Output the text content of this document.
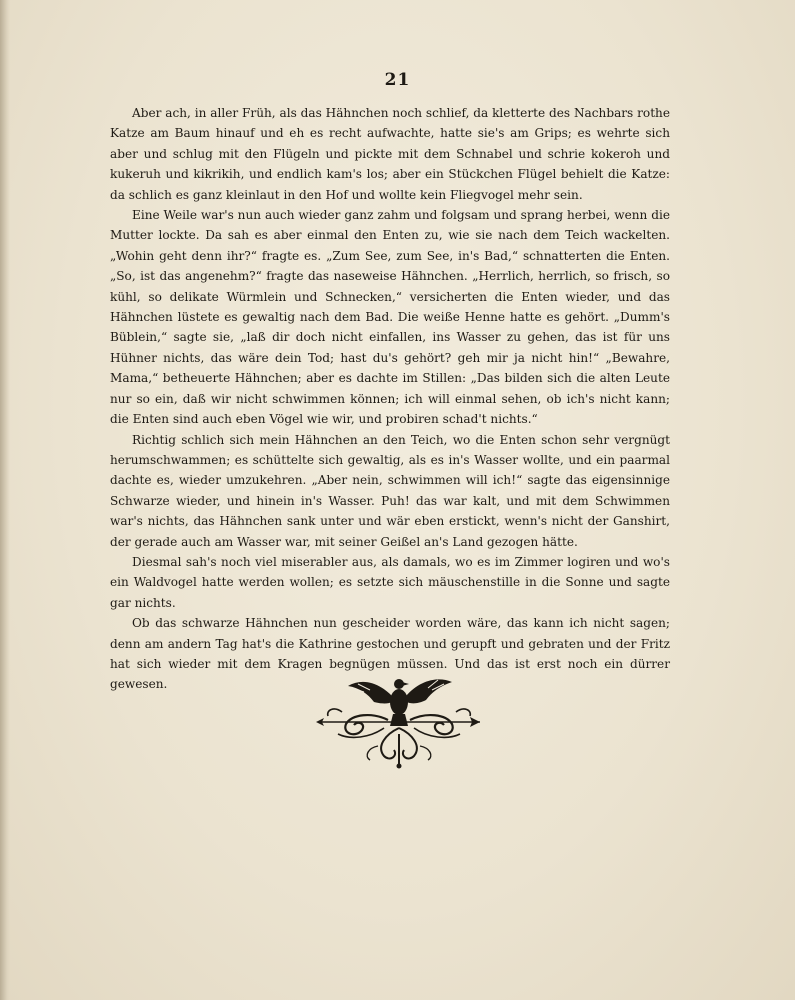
21

Aber ach, in aller Früh, als das Hähnchen noch schlief, da kletterte des Nachbars rothe Katze am Baum hinauf und eh es recht aufwachte, hatte sie's am Grips; es wehrte sich aber und schlug mit den Flügeln und pickte mit dem Schnabel und schrie kokeroh und kukeruh und kikrikih, und endlich kam's los; aber ein Stückchen Flügel behielt die Katze: da schlich es ganz kleinlaut in den Hof und wollte kein Fliegvogel mehr sein.

Eine Weile war's nun auch wieder ganz zahm und folgsam und sprang herbei, wenn die Mutter lockte. Da sah es aber einmal den Enten zu, wie sie nach dem Teich wackelten. „Wohin geht denn ihr?“ fragte es. „Zum See, zum See, in's Bad,“ schnatterten die Enten. „So, ist das angenehm?“ fragte das naseweise Hähnchen. „Herrlich, herrlich, so frisch, so kühl, so delikate Würmlein und Schnecken,“ versicherten die Enten wieder, und das Hähnchen lüstete es gewaltig nach dem Bad. Die weiße Henne hatte es gehört. „Dumm's Büblein,“ sagte sie, „laß dir doch nicht einfallen, ins Wasser zu gehen, das ist für uns Hühner nichts, das wäre dein Tod; hast du's gehört? geh mir ja nicht hin!“ „Bewahre, Mama,“ betheuerte Hähnchen; aber es dachte im Stillen: „Das bilden sich die alten Leute nur so ein, daß wir nicht schwimmen können; ich will einmal sehen, ob ich's nicht kann; die Enten sind auch eben Vögel wie wir, und probiren schad't nichts.“

Richtig schlich sich mein Hähnchen an den Teich, wo die Enten schon sehr vergnügt herumschwammen; es schüttelte sich gewaltig, als es in's Wasser wollte, und ein paarmal dachte es, wieder umzukehren. „Aber nein, schwimmen will ich!“ sagte das eigensinnige Schwarze wieder, und hinein in's Wasser. Puh! das war kalt, und mit dem Schwimmen war's nichts, das Hähnchen sank unter und wär eben erstickt, wenn's nicht der Ganshirt, der gerade auch am Wasser war, mit seiner Geißel an's Land gezogen hätte.

Diesmal sah's noch viel miserabler aus, als damals, wo es im Zimmer logiren und wo's ein Waldvogel hatte werden wollen; es setzte sich mäuschenstille in die Sonne und sagte gar nichts.

Ob das schwarze Hähnchen nun gescheider worden wäre, das kann ich nicht sagen; denn am andern Tag hat's die Kathrine gestochen und gerupft und gebraten und der Fritz hat sich wieder mit dem Kragen begnügen müssen. Und das ist erst noch ein dürrer gewesen.
